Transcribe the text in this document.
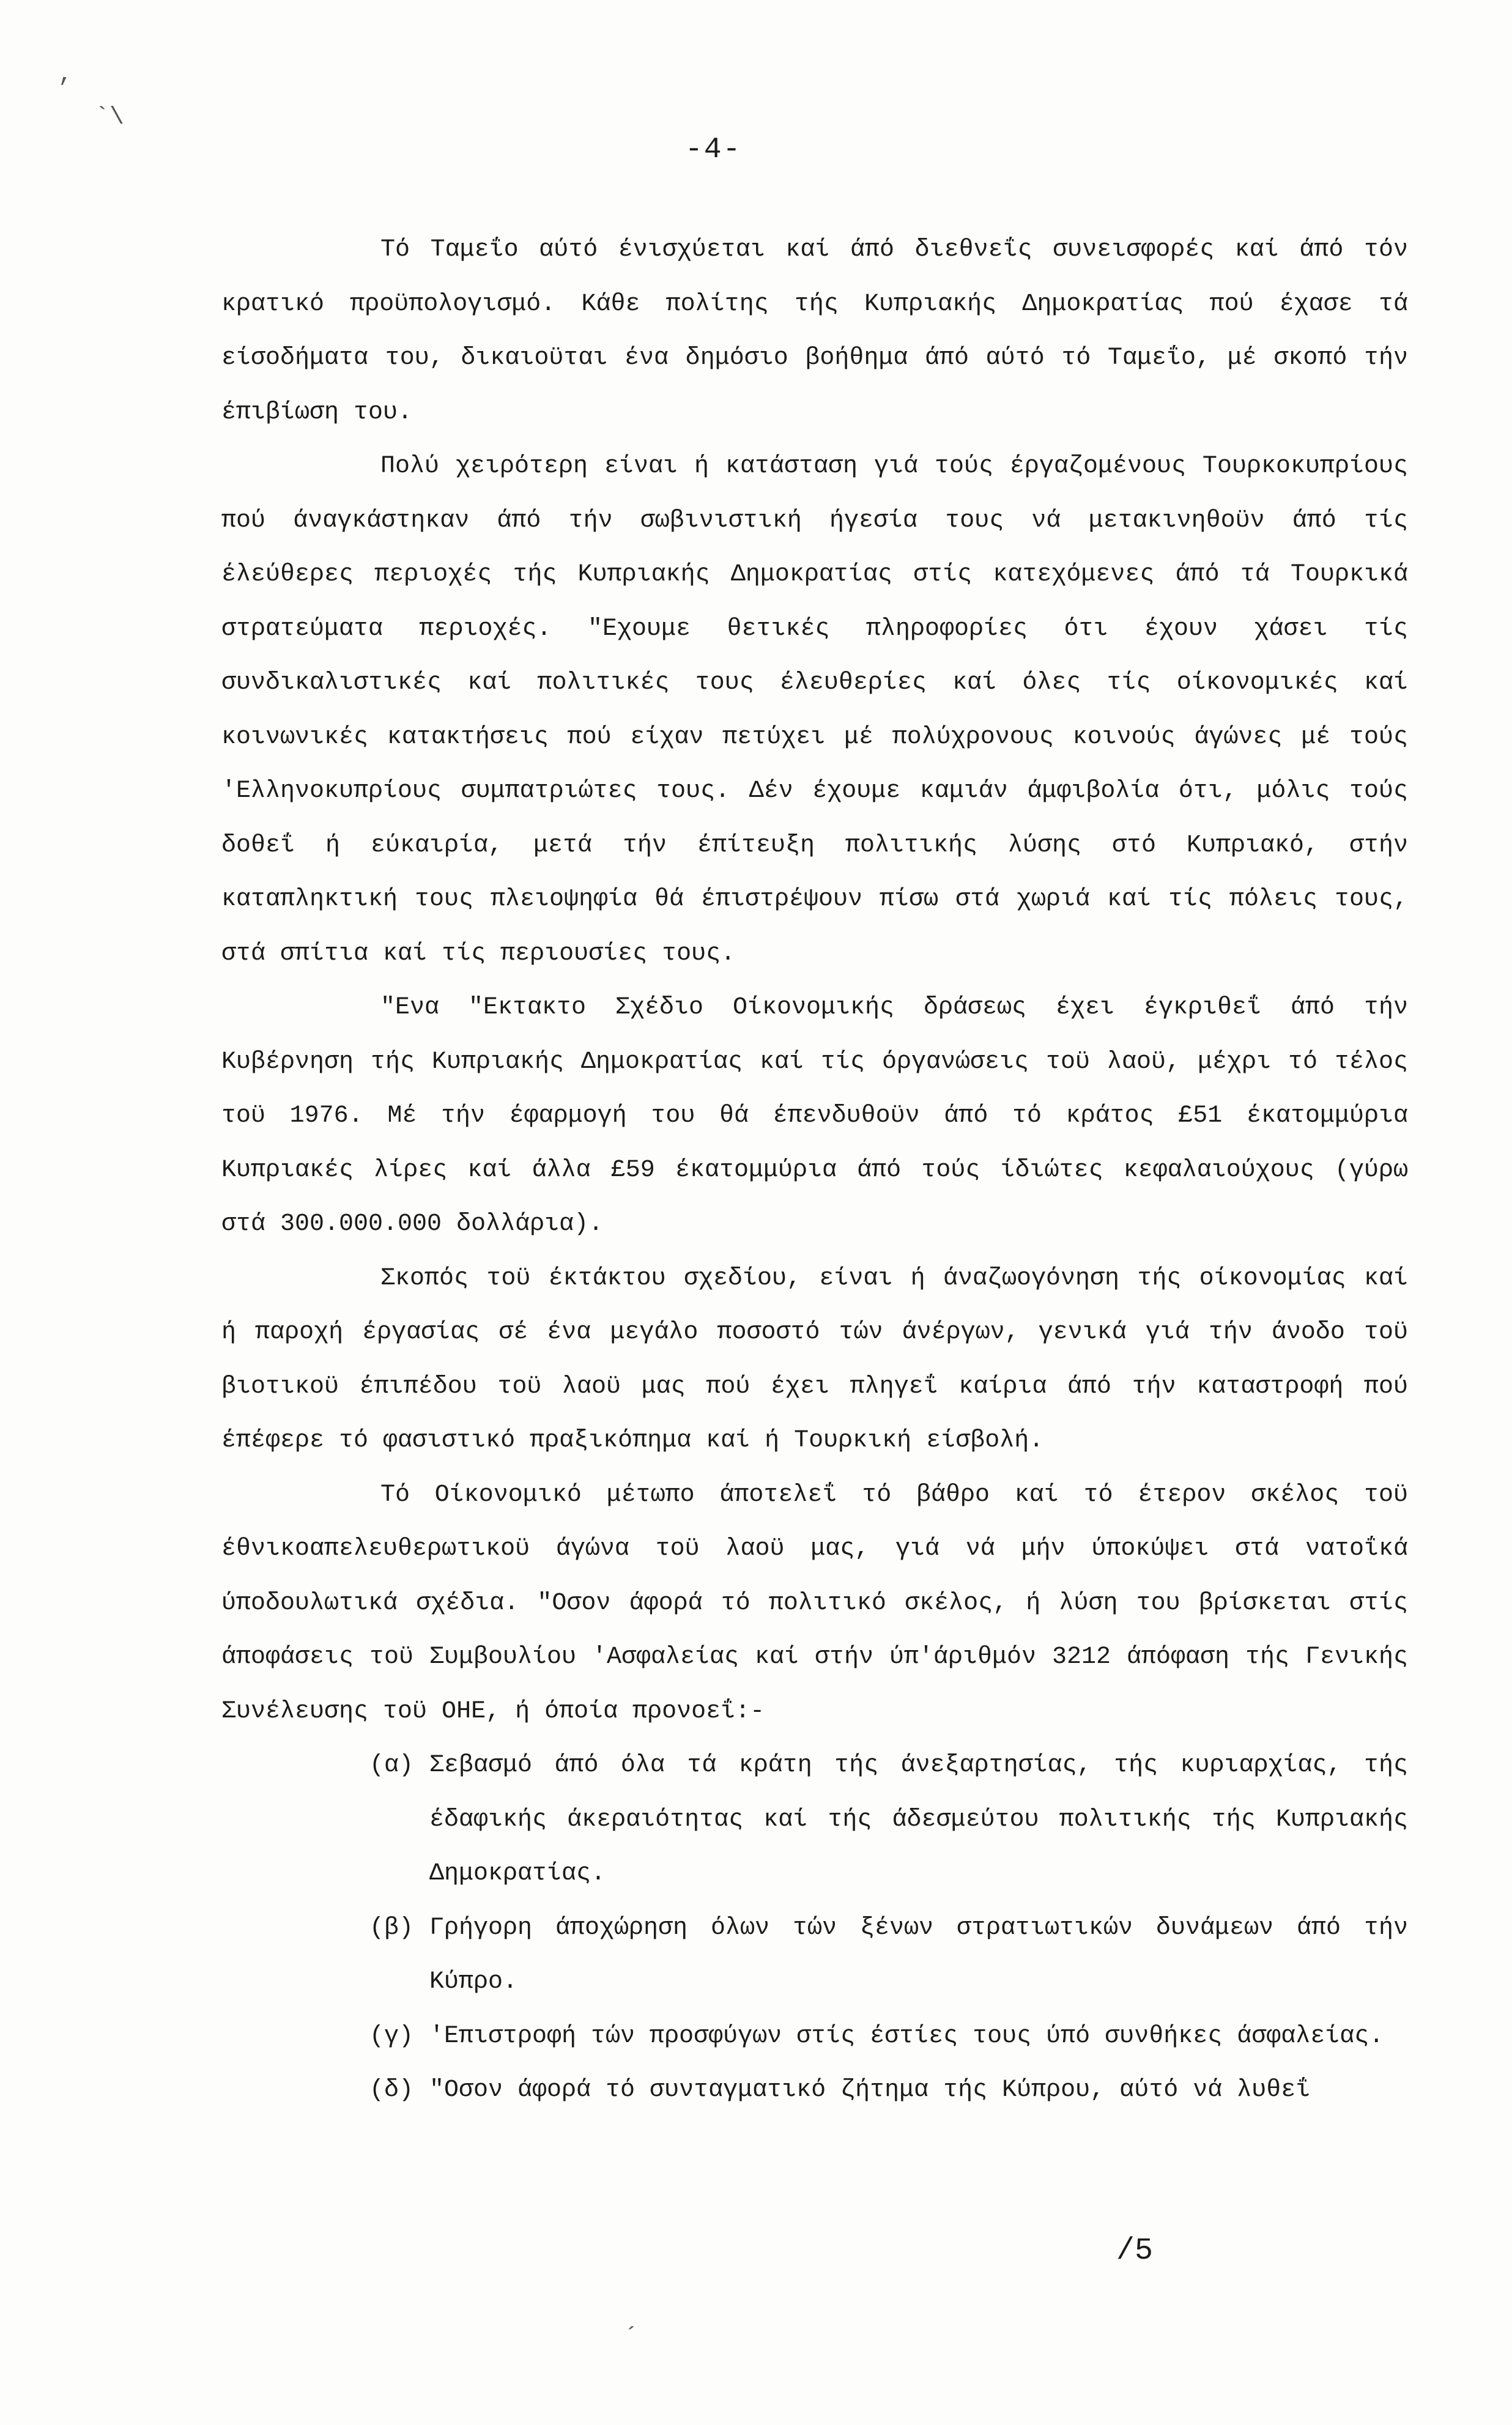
,
`\
-4-

Τό Ταμεΐο αύτό ένισχύεται καί άπό διεθνεΐς συνεισφορές καί άπό τόν κρατικό προϋπολογισμό. Κάθε πολίτης τής Κυπριακής Δημοκρατίας πού έχασε τά είσοδήματα του, δικαιοϋται ένα δημόσιο βοήθημα άπό αύτό τό Ταμεΐο, μέ σκοπό τήν έπιβίωση του.

Πολύ χειρότερη είναι ή κατάσταση γιά τούς έργαζομένους Τουρκοκυπρίους πού άναγκάστηκαν άπό τήν σωβινιστική ήγεσία τους νά μετακινηθοϋν άπό τίς έλεύθερες περιοχές τής Κυπριακής Δημοκρατίας στίς κατεχόμενες άπό τά Τουρκικά στρατεύματα περιοχές. "Εχουμε θετικές πληροφορίες ότι έχουν χάσει τίς συνδικαλιστικές καί πολιτικές τους έλευθερίες καί όλες τίς οίκονομικές καί κοινωνικές κατακτήσεις πού είχαν πετύχει μέ πολύχρονους κοινούς άγώνες μέ τούς 'Ελληνοκυπρίους συμπατριώτες τους. Δέν έχουμε καμιάν άμφιβολία ότι, μόλις τούς δοθεΐ ή εύκαιρία, μετά τήν έπίτευξη πολιτικής λύσης στό Κυπριακό, στήν καταπληκτική τους πλειοψηφία θά έπιστρέψουν πίσω στά χωριά καί τίς πόλεις τους, στά σπίτια καί τίς περιουσίες τους.

"Ενα "Εκτακτο Σχέδιο Οίκονομικής δράσεως έχει έγκριθεΐ άπό τήν Κυβέρνηση τής Κυπριακής Δημοκρατίας καί τίς όργανώσεις τοϋ λαοϋ, μέχρι τό τέλος τοϋ 1976. Μέ τήν έφαρμογή του θά έπενδυθοϋν άπό τό κράτος £51 έκατομμύρια Κυπριακές λίρες καί άλλα £59 έκατομμύρια άπό τούς ίδιώτες κεφαλαιούχους (γύρω στά 300.000.000 δολλάρια).

Σκοπός τοϋ έκτάκτου σχεδίου, είναι ή άναζωογόνηση τής οίκονομίας καί ή παροχή έργασίας σέ ένα μεγάλο ποσοστό τών άνέργων, γενικά γιά τήν άνοδο τοϋ βιοτικοϋ έπιπέδου τοϋ λαοϋ μας πού έχει πληγεΐ καίρια άπό τήν καταστροφή πού έπέφερε τό φασιστικό πραξικόπημα καί ή Τουρκική είσβολή.

Τό Οίκονομικό μέτωπο άποτελεΐ τό βάθρο καί τό έτερον σκέλος τοϋ έθνικοαπελευθερωτικοϋ άγώνα τοϋ λαοϋ μας, γιά νά μήν ύποκύψει στά νατοΐκά ύποδουλωτικά σχέδια. "Οσον άφορά τό πολιτικό σκέλος, ή λύση του βρίσκεται στίς άποφάσεις τοϋ Συμβουλίου 'Ασφαλείας καί στήν ύπ'άριθμόν 3212 άπόφαση τής Γενικής Συνέλευσης τοϋ ΟΗΕ, ή όποία προνοεΐ:-

(α) Σεβασμό άπό όλα τά κράτη τής άνεξαρτησίας, τής κυριαρχίας, τής έδαφικής άκεραιότητας καί τής άδεσμεύτου πολιτικής τής Κυπριακής Δημοκρατίας.
(β) Γρήγορη άποχώρηση όλων τών ξένων στρατιωτικών δυνάμεων άπό τήν Κύπρο.
(γ) 'Επιστροφή τών προσφύγων στίς έστίες τους ύπό συνθήκες άσφαλείας.
(δ) "Οσον άφορά τό συνταγματικό ζήτημα τής Κύπρου, αύτό νά λυθεΐ
/5
´
